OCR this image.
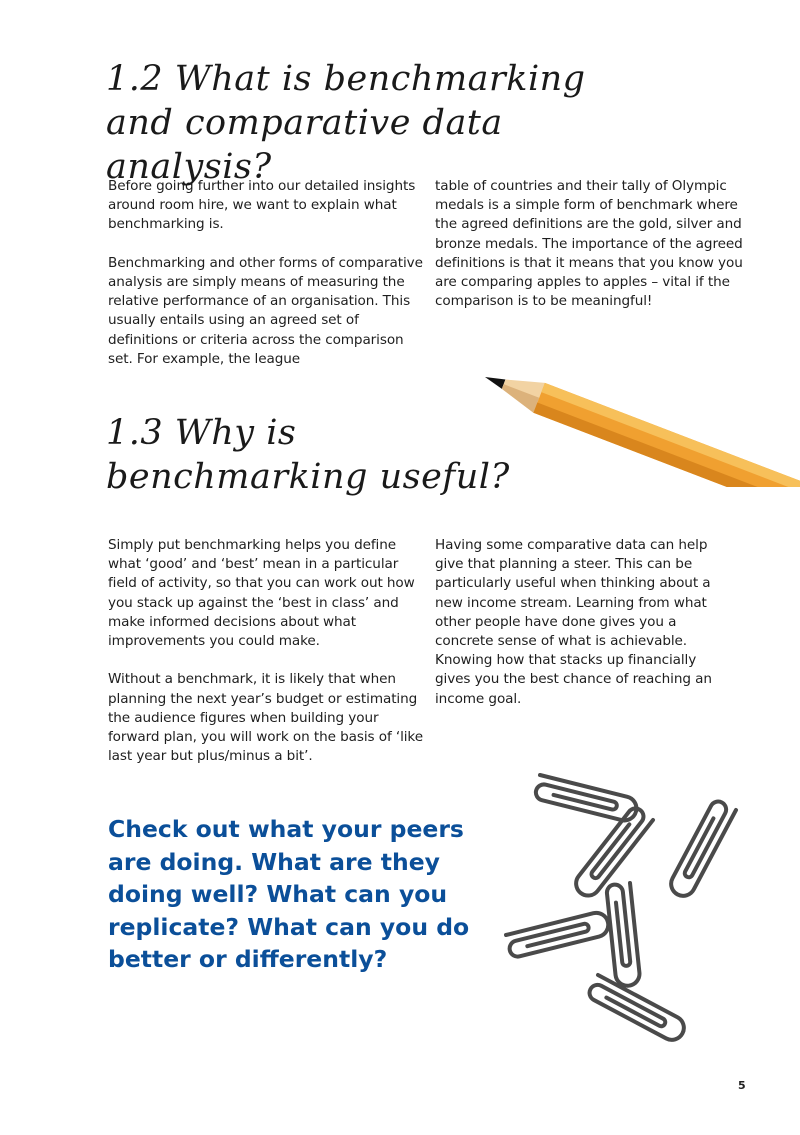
1.2 What is benchmarking
and comparative data analysis?

Before going further into our detailed insights around room hire, we want to explain what benchmarking is.

Benchmarking and other forms of comparative analysis are simply means of measuring the relative performance of an organisation. This usually entails using an agreed set of definitions or criteria across the comparison set. For example, the league

table of countries and their tally of Olympic medals is a simple form of benchmark where the agreed definitions are the gold, silver and bronze medals. The importance of the agreed definitions is that it means that you know you are comparing apples to apples – vital if the comparison is to be meaningful!

1.3 Why is
benchmarking useful?

Simply put benchmarking helps you define what ‘good’ and ‘best’ mean in a particular field of activity, so that you can work out how you stack up against the ‘best in class’ and make informed decisions about what improvements you could make.

Without a benchmark, it is likely that when planning the next year’s budget or estimating the audience figures when building your forward plan, you will work on the basis of ‘like last year but plus/minus a bit’.

Having some comparative data can help give that planning a steer. This can be particularly useful when thinking about a new income stream. Learning from what other people have done gives you a concrete sense of what is achievable. Knowing how that stacks up financially gives you the best chance of reaching an income goal.

Check out what your peers are doing. What are they doing well? What can you replicate? What can you do better or differently?

5
